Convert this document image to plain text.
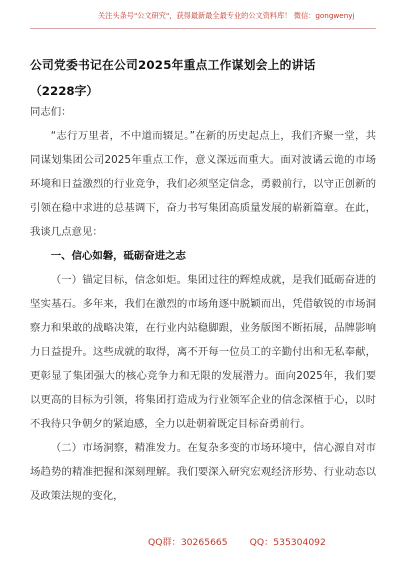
关注头条号"公文研究"，获得最新最全最专业的公文资料库！ 微信：gongwenyj
公司党委书记在公司2025年重点工作谋划会上的讲话
（2228字）

同志们：

“志行万里者，不中道而辍足。”在新的历史起点上，我们齐聚一堂，共同谋划集团公司2025年重点工作，意义深远而重大。面对波谲云诡的市场环境和日益激烈的行业竞争，我们必须坚定信念，勇毅前行，以守正创新的引领在稳中求进的总基调下，奋力书写集团高质量发展的崭新篇章。在此，我谈几点意见：

一、信心如磐，砥砺奋进之志

（一）锚定目标，信念如炬。集团过往的辉煌成就，是我们砥砺奋进的坚实基石。多年来，我们在激烈的市场角逐中脱颖而出，凭借敏锐的市场洞察力和果敢的战略决策，在行业内站稳脚跟，业务版图不断拓展，品牌影响力日益提升。这些成就的取得，离不开每一位员工的辛勤付出和无私奉献，更彰显了集团强大的核心竞争力和无限的发展潜力。面向2025年，我们要以更高的目标为引领，将集团打造成为行业领军企业的信念深植于心，以时不我待只争朝夕的紧迫感，全力以赴朝着既定目标奋勇前行。

（二）市场洞察，精准发力。在复杂多变的市场环境中，信心源自对市场趋势的精准把握和深刻理解。我们要深入研究宏观经济形势、行业动态以及政策法规的变化，

QQ群：30265665 QQ：535304092
